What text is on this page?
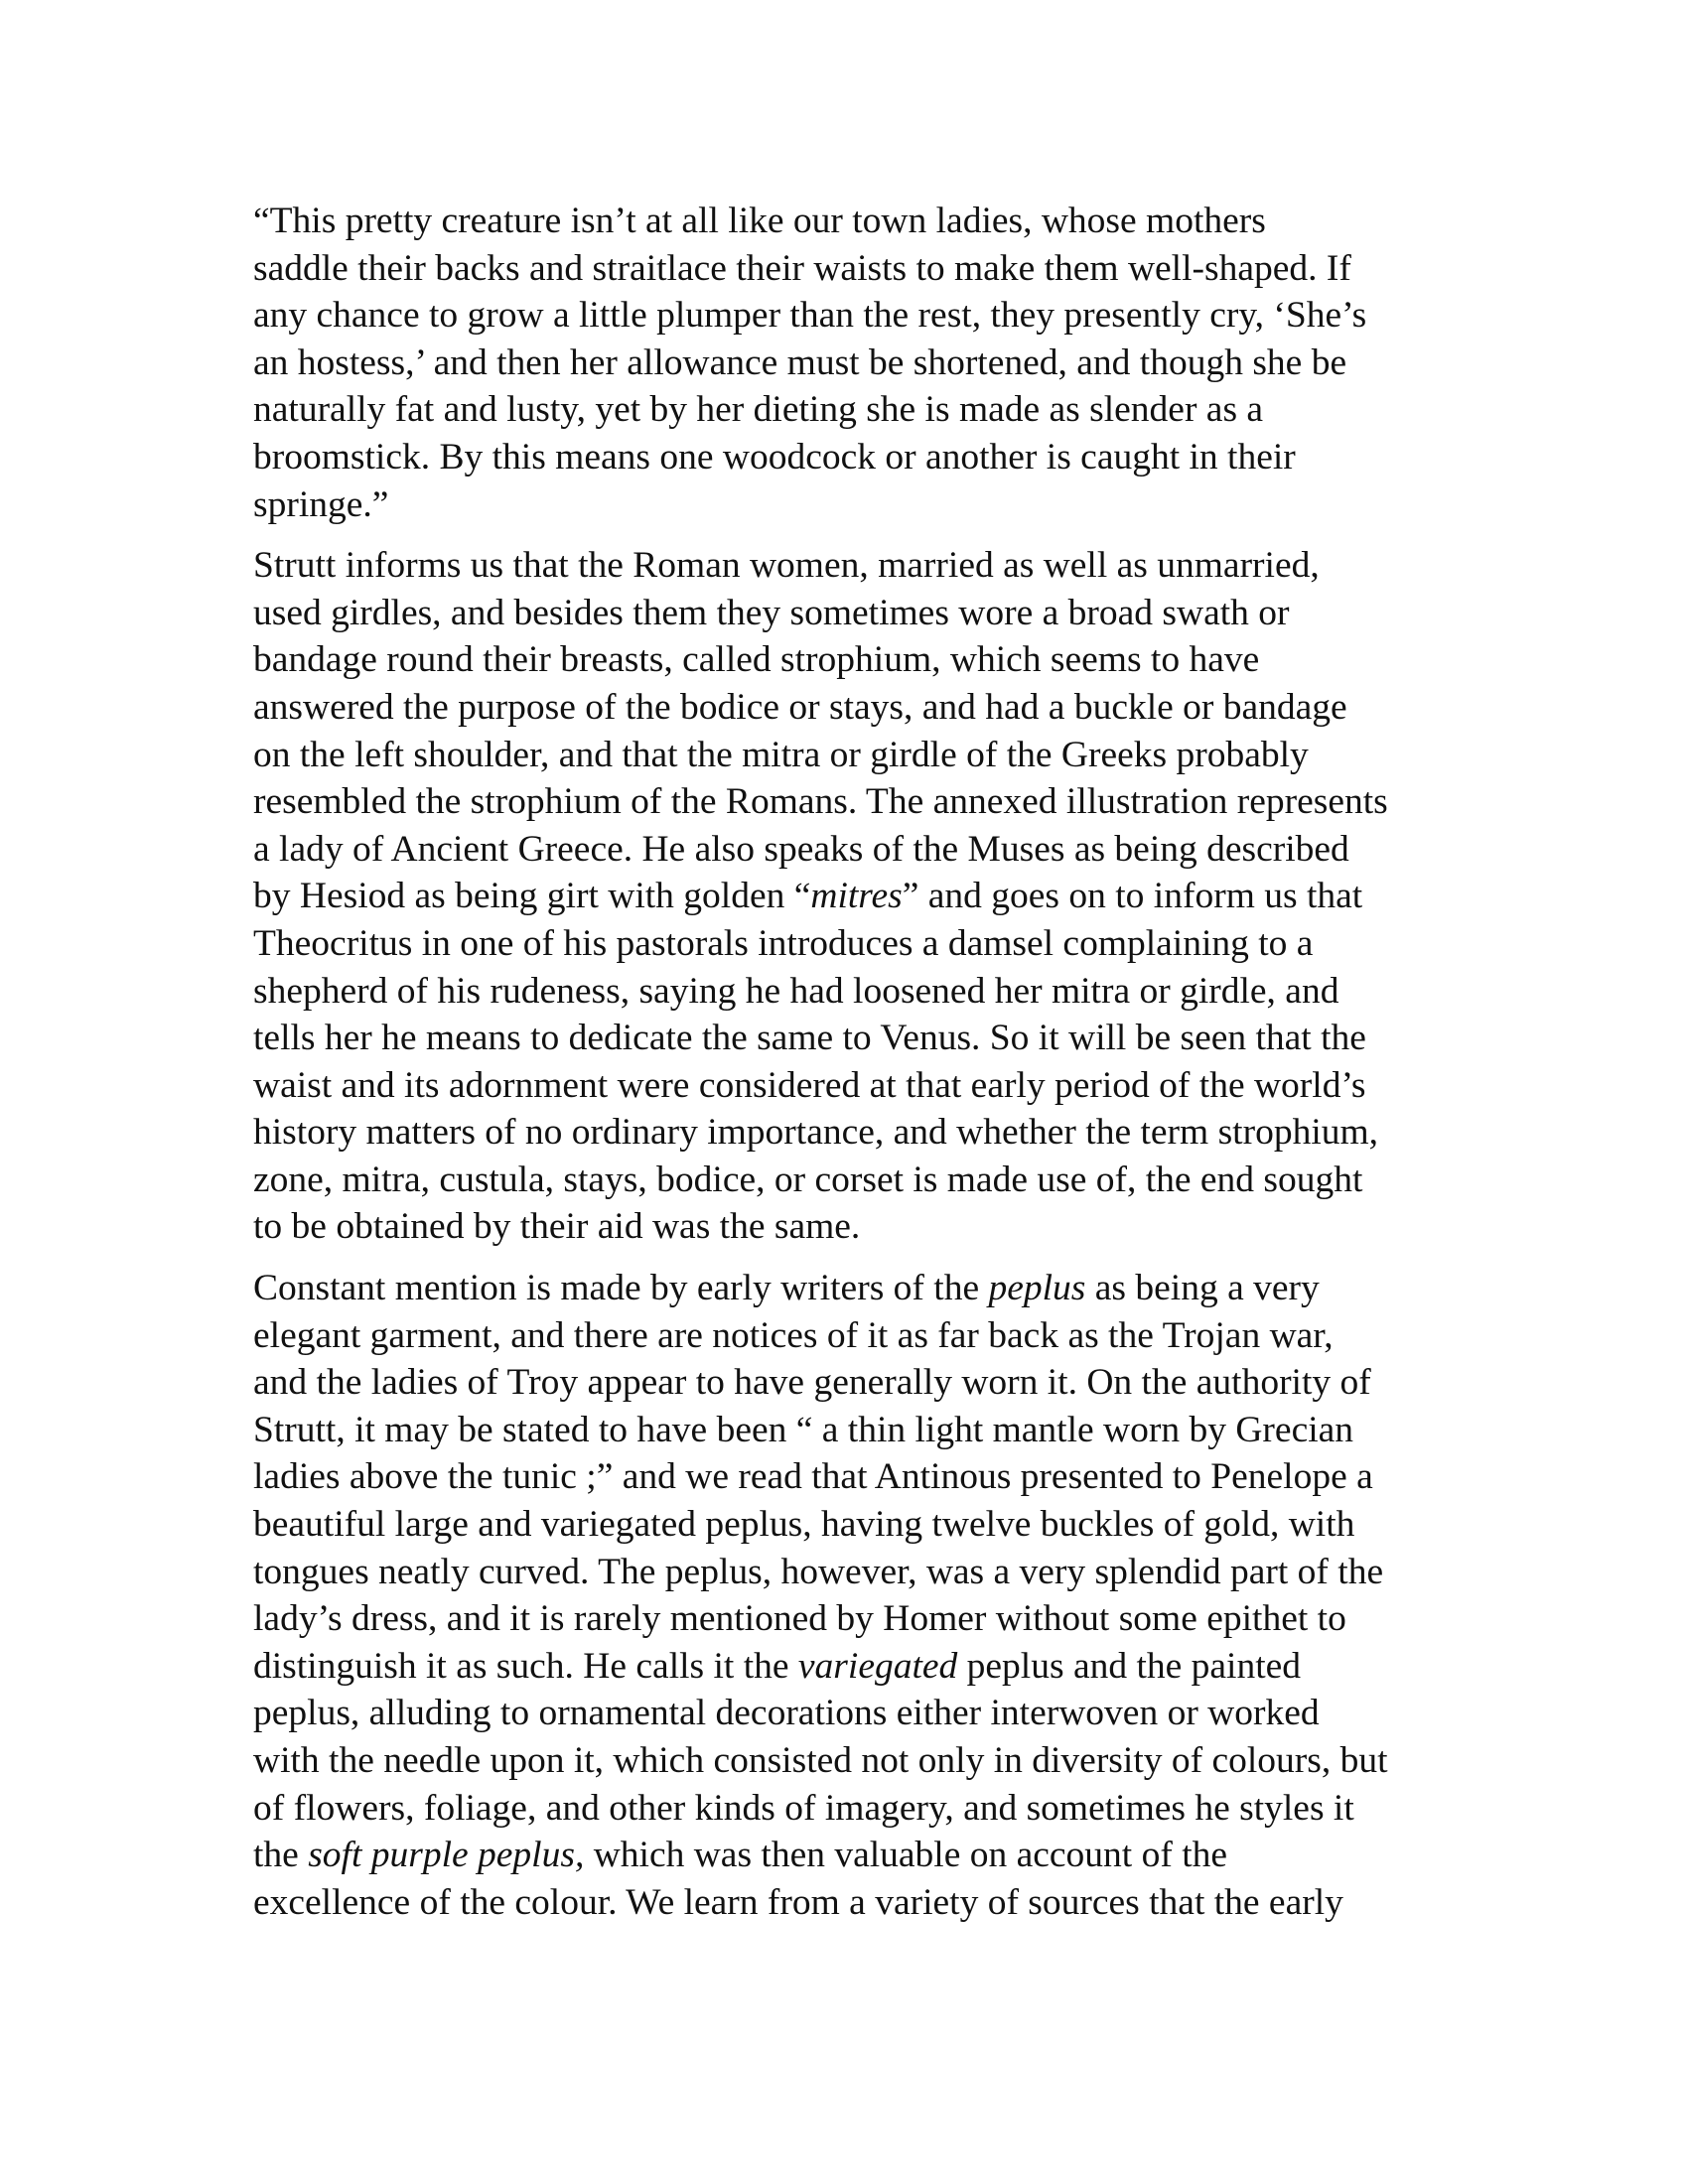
“This pretty creature isn’t at all like our town ladies, whose mothers
saddle their backs and straitlace their waists to make them well-shaped. If
any chance to grow a little plumper than the rest, they presently cry, ‘She’s
an hostess,’ and then her allowance must be shortened, and though she be
naturally fat and lusty, yet by her dieting she is made as slender as a
broomstick. By this means one woodcock or another is caught in their
springe.”

Strutt informs us that the Roman women, married as well as unmarried,
used girdles, and besides them they sometimes wore a broad swath or
bandage round their breasts, called strophium, which seems to have
answered the purpose of the bodice or stays, and had a buckle or bandage
on the left shoulder, and that the mitra or girdle of the Greeks probably
resembled the strophium of the Romans. The annexed illustration represents
a lady of Ancient Greece. He also speaks of the Muses as being described
by Hesiod as being girt with golden “mitres” and goes on to inform us that
Theocritus in one of his pastorals introduces a damsel complaining to a
shepherd of his rudeness, saying he had loosened her mitra or girdle, and
tells her he means to dedicate the same to Venus. So it will be seen that the
waist and its adornment were considered at that early period of the world’s
history matters of no ordinary importance, and whether the term strophium,
zone, mitra, custula, stays, bodice, or corset is made use of, the end sought
to be obtained by their aid was the same.

Constant mention is made by early writers of the peplus as being a very
elegant garment, and there are notices of it as far back as the Trojan war,
and the ladies of Troy appear to have generally worn it. On the authority of
Strutt, it may be stated to have been “ a thin light mantle worn by Grecian
ladies above the tunic ;” and we read that Antinous presented to Penelope a
beautiful large and variegated peplus, having twelve buckles of gold, with
tongues neatly curved. The peplus, however, was a very splendid part of the
lady’s dress, and it is rarely mentioned by Homer without some epithet to
distinguish it as such. He calls it the variegated peplus and the painted
peplus, alluding to ornamental decorations either interwoven or worked
with the needle upon it, which consisted not only in diversity of colours, but
of flowers, foliage, and other kinds of imagery, and sometimes he styles it
the soft purple peplus, which was then valuable on account of the
excellence of the colour. We learn from a variety of sources that the early
